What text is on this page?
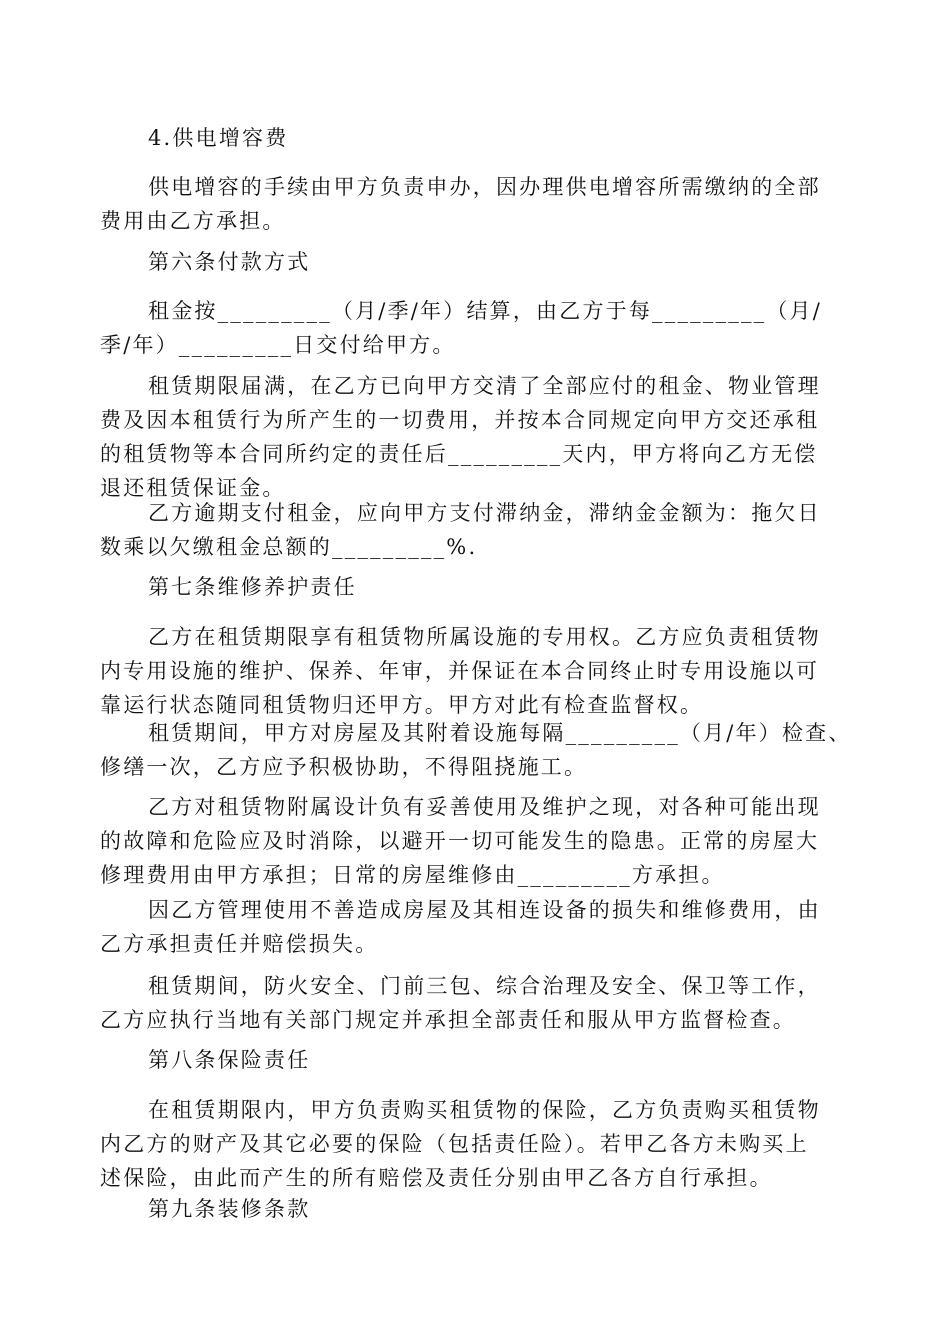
4.供电增容费
供电增容的手续由甲方负责申办，因办理供电增容所需缴纳的全部
费用由乙方承担。
第六条付款方式
租金按_________（月/季/年）结算，由乙方于每_________（月/
季/年）_________日交付给甲方。
租赁期限届满，在乙方已向甲方交清了全部应付的租金、物业管理
费及因本租赁行为所产生的一切费用，并按本合同规定向甲方交还承租
的租赁物等本合同所约定的责任后_________天内，甲方将向乙方无偿
退还租赁保证金。
乙方逾期支付租金，应向甲方支付滞纳金，滞纳金金额为：拖欠日
数乘以欠缴租金总额的_________%.
第七条维修养护责任
乙方在租赁期限享有租赁物所属设施的专用权。乙方应负责租赁物
内专用设施的维护、保养、年审，并保证在本合同终止时专用设施以可
靠运行状态随同租赁物归还甲方。甲方对此有检查监督权。
租赁期间，甲方对房屋及其附着设施每隔_________（月/年）检查、
修缮一次，乙方应予积极协助，不得阻挠施工。
乙方对租赁物附属设计负有妥善使用及维护之现，对各种可能出现
的故障和危险应及时消除，以避开一切可能发生的隐患。正常的房屋大
修理费用由甲方承担；日常的房屋维修由_________方承担。
因乙方管理使用不善造成房屋及其相连设备的损失和维修费用，由
乙方承担责任并赔偿损失。
租赁期间，防火安全、门前三包、综合治理及安全、保卫等工作，
乙方应执行当地有关部门规定并承担全部责任和服从甲方监督检查。
第八条保险责任
在租赁期限内，甲方负责购买租赁物的保险，乙方负责购买租赁物
内乙方的财产及其它必要的保险（包括责任险）。若甲乙各方未购买上
述保险，由此而产生的所有赔偿及责任分别由甲乙各方自行承担。
第九条装修条款
